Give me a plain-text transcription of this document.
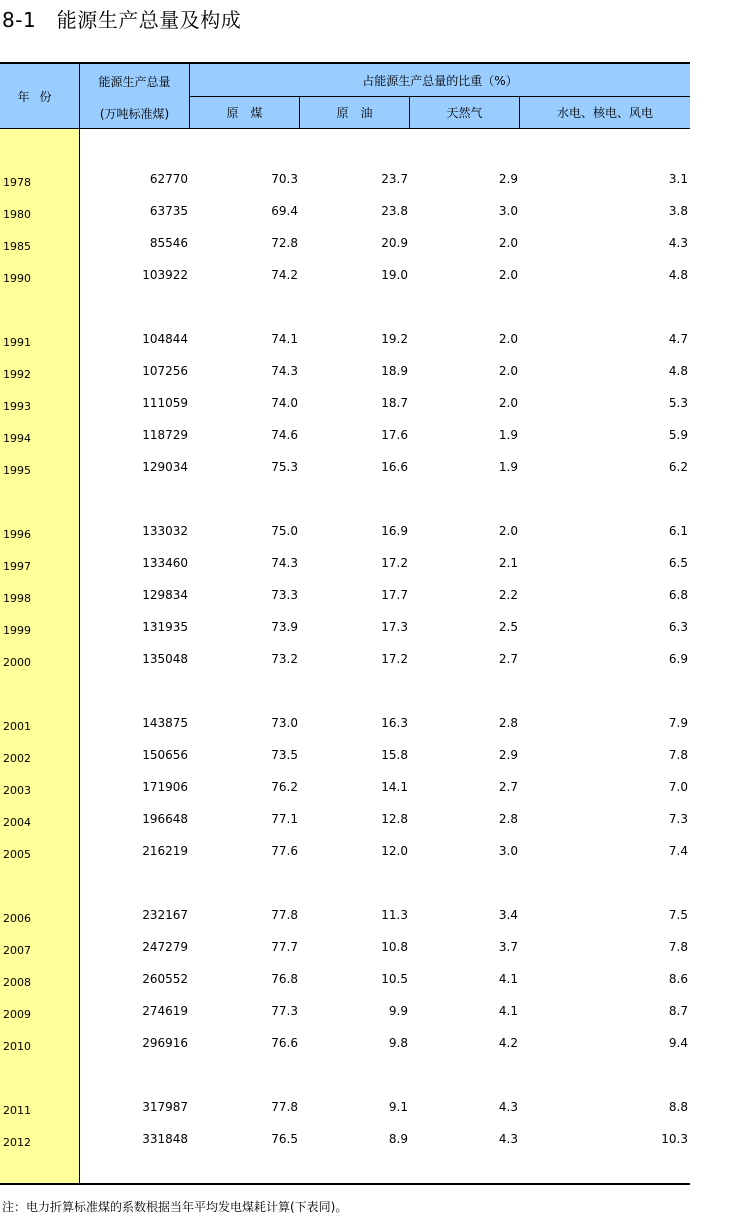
8-1   能源生产总量及构成
年份
能源生产总量
(万吨标准煤)
占能源生产总量的比重（%）
原　煤	原　油	天然气	水电、核电、风电
1978	62770	70.3	23.7	2.9	3.1
1980	63735	69.4	23.8	3.0	3.8
1985	85546	72.8	20.9	2.0	4.3
1990	103922	74.2	19.0	2.0	4.8
1991	104844	74.1	19.2	2.0	4.7
1992	107256	74.3	18.9	2.0	4.8
1993	111059	74.0	18.7	2.0	5.3
1994	118729	74.6	17.6	1.9	5.9
1995	129034	75.3	16.6	1.9	6.2
1996	133032	75.0	16.9	2.0	6.1
1997	133460	74.3	17.2	2.1	6.5
1998	129834	73.3	17.7	2.2	6.8
1999	131935	73.9	17.3	2.5	6.3
2000	135048	73.2	17.2	2.7	6.9
2001	143875	73.0	16.3	2.8	7.9
2002	150656	73.5	15.8	2.9	7.8
2003	171906	76.2	14.1	2.7	7.0
2004	196648	77.1	12.8	2.8	7.3
2005	216219	77.6	12.0	3.0	7.4
2006	232167	77.8	11.3	3.4	7.5
2007	247279	77.7	10.8	3.7	7.8
2008	260552	76.8	10.5	4.1	8.6
2009	274619	77.3	9.9	4.1	8.7
2010	296916	76.6	9.8	4.2	9.4
2011	317987	77.8	9.1	4.3	8.8
2012	331848	76.5	8.9	4.3	10.3
注：电力折算标准煤的系数根据当年平均发电煤耗计算(下表同)。
